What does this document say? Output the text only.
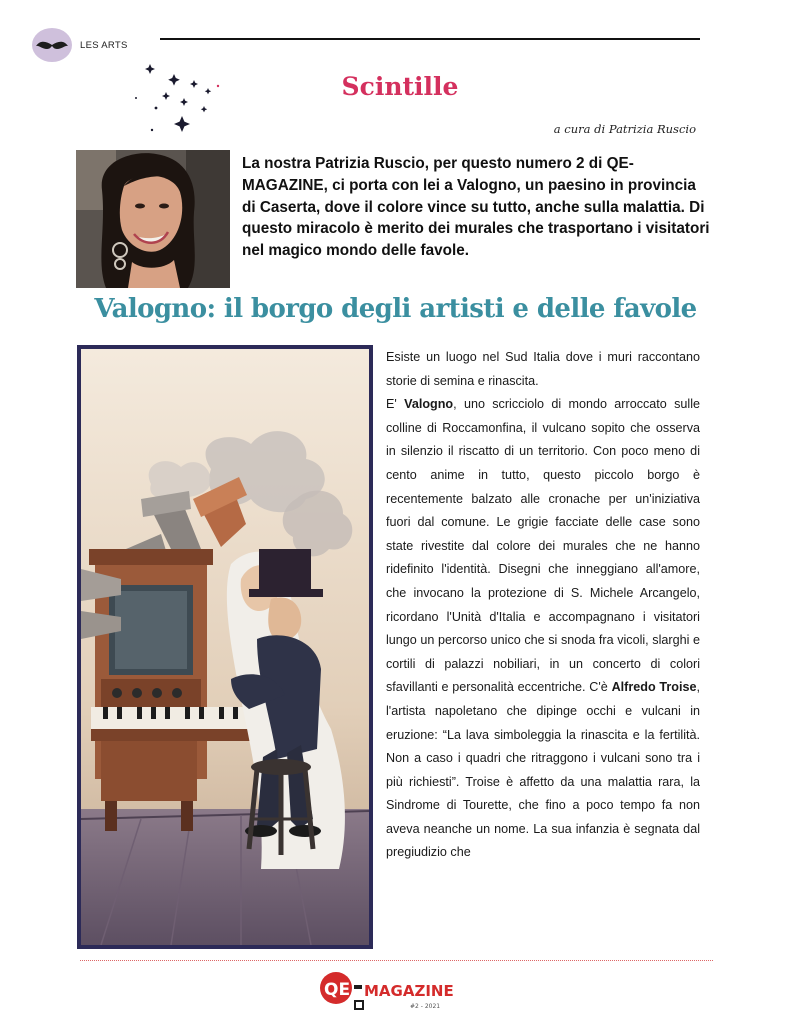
LES ARTS
Scintille
a cura di Patrizia Ruscio
La nostra Patrizia Ruscio, per questo numero 2 di QE-MAGAZINE, ci porta con lei a Valogno, un paesino in provincia di Caserta, dove il colore vince su tutto, anche sulla malattia. Di questo miracolo è merito dei murales che trasportano i visitatori nel magico mondo delle favole.
Valogno: il borgo degli artisti e delle favole

Esiste un luogo nel Sud Italia dove i muri raccontano storie di semina e rinascita.

E' Valogno, uno scricciolo di mondo arroccato sulle colline di Roccamonfina, il vulcano sopito che osserva in silenzio il riscatto di un territorio. Con poco meno di cento anime in tutto, questo piccolo borgo è recentemente balzato alle cronache per un'iniziativa fuori dal comune. Le grigie facciate delle case sono state rivestite dal colore dei murales che ne hanno ridefinito l'identità. Disegni che inneggiano all'amore, che invocano la protezione di S. Michele Arcangelo, ricordano l'Unità d'Italia e accompagnano i visitatori lungo un percorso unico che si snoda fra vicoli, slarghi e cortili di palazzi nobiliari, in un concerto di colori sfavillanti e personalità eccentriche. C'è Alfredo Troise, l'artista napoletano che dipinge occhi e vulcani in eruzione: “La lava simboleggia la rinascita e la fertilità. Non a caso i quadri che ritraggono i vulcani sono tra i più richiesti”. Troise è affetto da una malattia rara, la Sindrome di Tourette, che fino a poco tempo fa non aveva neanche un nome. La sua infanzia è segnata dal pregiudizio che

QE MAGAZINE
#2 - 2021
